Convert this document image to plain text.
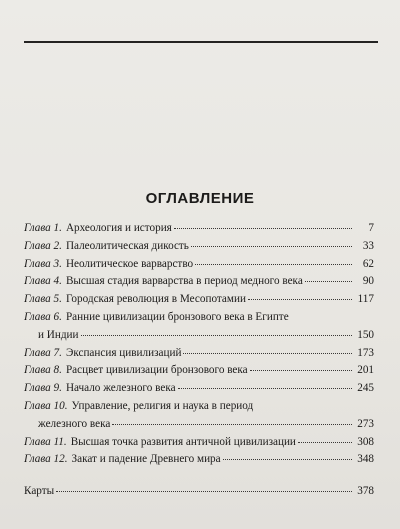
ОГЛАВЛЕНИЕ
Глава 1. Археология и история	7
Глава 2. Палеолитическая дикость	33
Глава 3. Неолитическое варварство	62
Глава 4. Высшая стадия варварства в период медного века	90
Глава 5. Городская революция в Месопотамии	117
Глава 6. Ранние цивилизации бронзового века в Египте
и Индии	150
Глава 7. Экспансия цивилизаций	173
Глава 8. Расцвет цивилизации бронзового века	201
Глава 9. Начало железного века	245
Глава 10. Управление, религия и наука в период
железного века	273
Глава 11. Высшая точка развития античной цивилизации	308
Глава 12. Закат и падение Древнего мира	348
Карты	378
